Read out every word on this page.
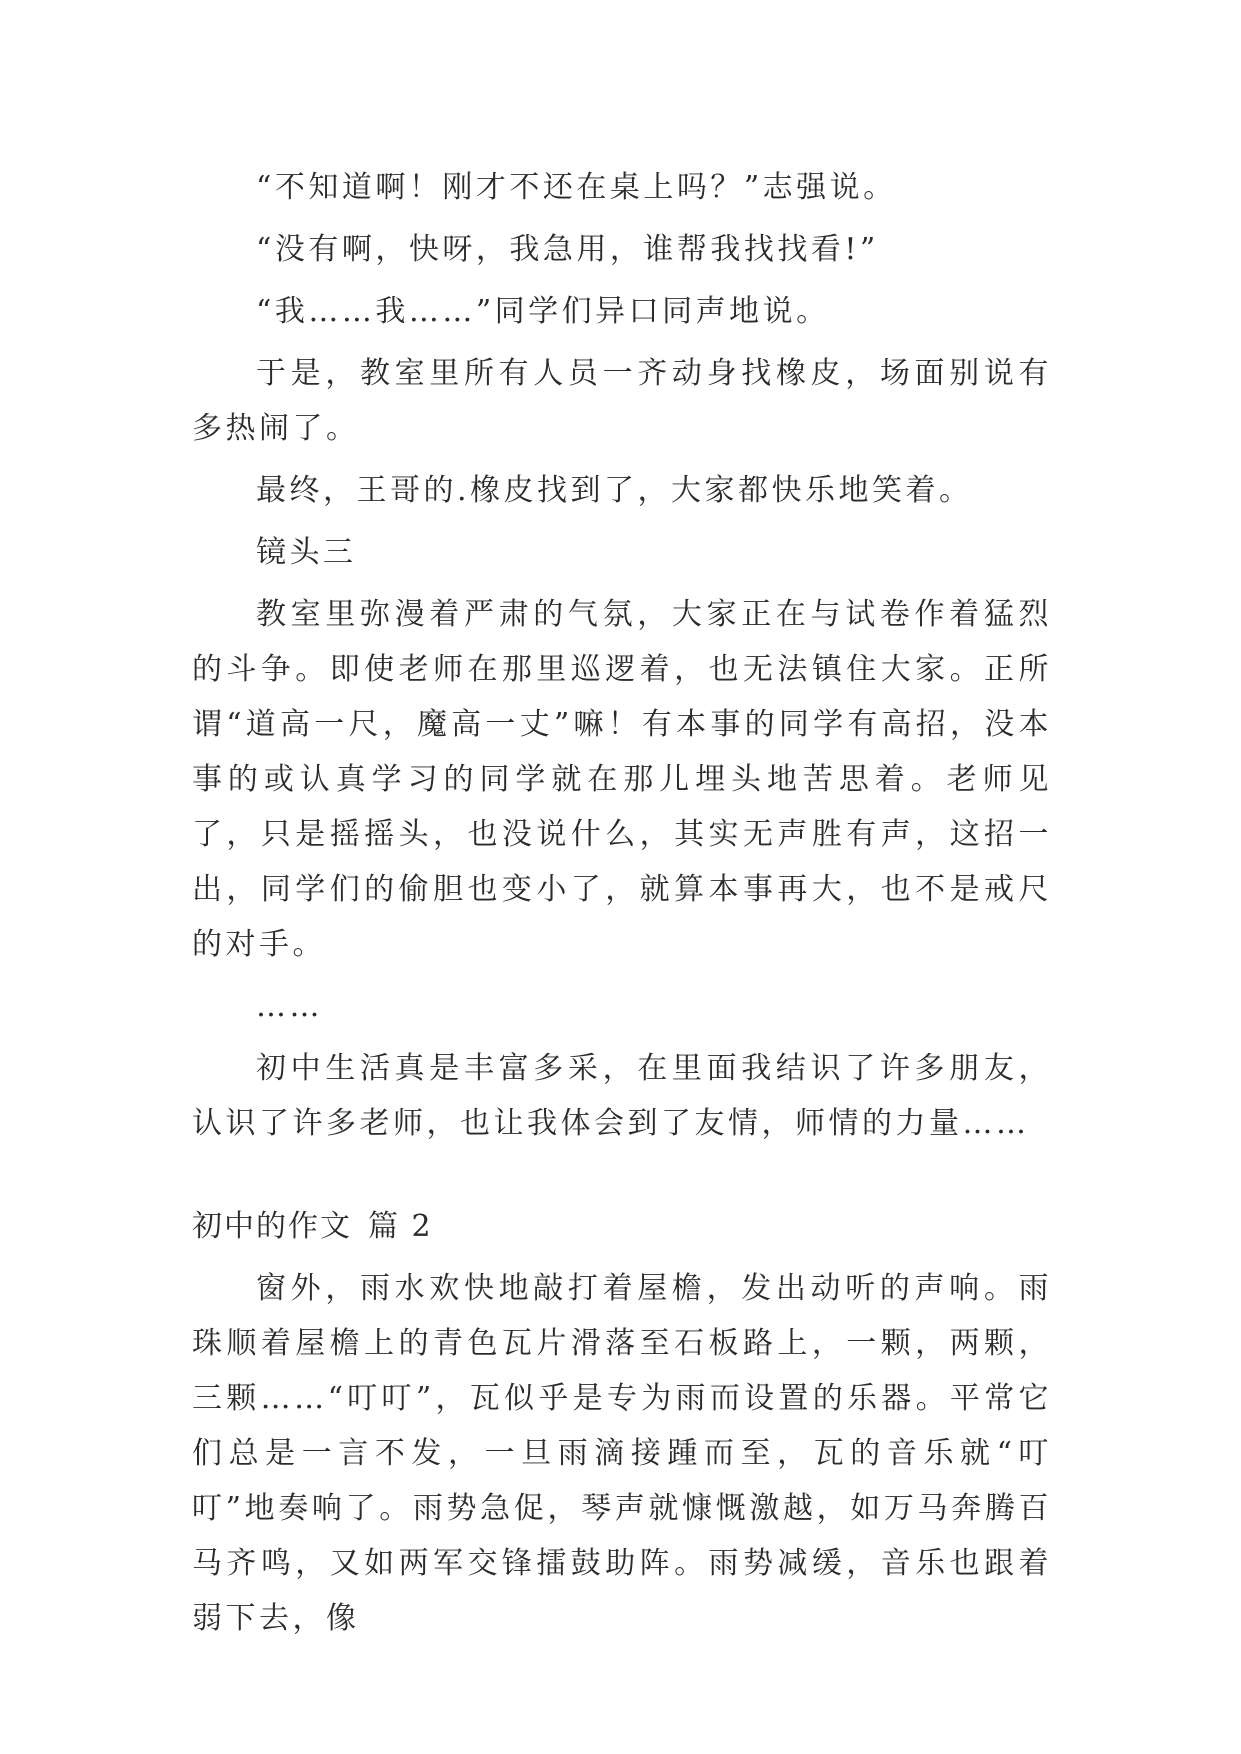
“不知道啊！刚才不还在桌上吗？”志强说。

“没有啊，快呀，我急用，谁帮我找找看!”

“我……我……”同学们异口同声地说。

于是，教室里所有人员一齐动身找橡皮，场面别说有多热闹了。

最终，王哥的.橡皮找到了，大家都快乐地笑着。

镜头三

教室里弥漫着严肃的气氛，大家正在与试卷作着猛烈的斗争。即使老师在那里巡逻着，也无法镇住大家。正所谓“道高一尺，魔高一丈”嘛！有本事的同学有高招，没本事的或认真学习的同学就在那儿埋头地苦思着。老师见了，只是摇摇头，也没说什么，其实无声胜有声，这招一出，同学们的偷胆也变小了，就算本事再大，也不是戒尺的对手。

……

初中生活真是丰富多采，在里面我结识了许多朋友，认识了许多老师，也让我体会到了友情，师情的力量……

初中的作文 篇 2

窗外，雨水欢快地敲打着屋檐，发出动听的声响。雨珠顺着屋檐上的青色瓦片滑落至石板路上，一颗，两颗，三颗……“叮叮”，瓦似乎是专为雨而设置的乐器。平常它们总是一言不发，一旦雨滴接踵而至，瓦的音乐就“叮叮”地奏响了。雨势急促，琴声就慷慨激越，如万马奔腾百马齐鸣，又如两军交锋擂鼓助阵。雨势减缓，音乐也跟着弱下去，像
